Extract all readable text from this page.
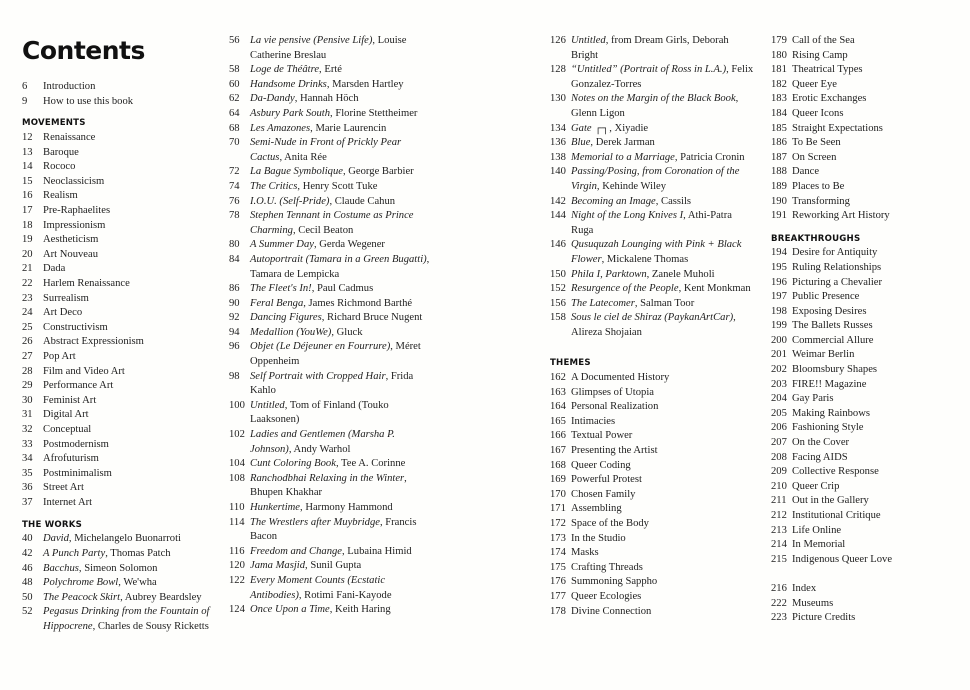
Contents
6	Introduction
9	How to use this book
MOVEMENTS
12 Renaissance
13 Baroque
14 Rococo
15 Neoclassicism
16 Realism
17 Pre-Raphaelites
18 Impressionism
19 Aestheticism
20 Art Nouveau
21 Dada
22 Harlem Renaissance
23 Surrealism
24 Art Deco
25 Constructivism
26 Abstract Expressionism
27 Pop Art
28 Film and Video Art
29 Performance Art
30 Feminist Art
31 Digital Art
32 Conceptual
33 Postmodernism
34 Afrofuturism
35 Postminimalism
36 Street Art
37 Internet Art
THE WORKS
40 David, Michelangelo Buonarroti
42 A Punch Party, Thomas Patch
46 Bacchus, Simeon Solomon
48 Polychrome Bowl, We'wha
50 The Peacock Skirt, Aubrey Beardsley
52 Pegasus Drinking from the Fountain of Hippocrene, Charles de Sousy Ricketts
56 La vie pensive (Pensive Life), Louise Catherine Breslau
58 Loge de Théâtre, Erté
60 Handsome Drinks, Marsden Hartley
62 Da-Dandy, Hannah Höch
64 Asbury Park South, Florine Stettheimer
68 Les Amazones, Marie Laurencin
70 Semi-Nude in Front of Prickly Pear Cactus, Anita Rée
72 La Bague Symbolique, George Barbier
74 The Critics, Henry Scott Tuke
76 I.O.U. (Self-Pride), Claude Cahun
78 Stephen Tennant in Costume as Prince Charming, Cecil Beaton
80 A Summer Day, Gerda Wegener
84 Autoportrait (Tamara in a Green Bugatti), Tamara de Lempicka
86 The Fleet's In!, Paul Cadmus
90 Feral Benga, James Richmond Barthé
92 Dancing Figures, Richard Bruce Nugent
94 Medallion (YouWe), Gluck
96 Objet (Le Déjeuner en Fourrure), Méret Oppenheim
98 Self Portrait with Cropped Hair, Frida Kahlo
100 Untitled, Tom of Finland (Touko Laaksonen)
102 Ladies and Gentlemen (Marsha P. Johnson), Andy Warhol
104 Cunt Coloring Book, Tee A. Corinne
108 Ranchodbhai Relaxing in the Winter, Bhupen Khakhar
110 Hunkertime, Harmony Hammond
114 The Wrestlers after Muybridge, Francis Bacon
116 Freedom and Change, Lubaina Himid
120 Jama Masjid, Sunil Gupta
122 Every Moment Counts (Ecstatic Antibodies), Rotimi Fani-Kayode
124 Once Upon a Time, Keith Haring
126 Untitled, from Dream Girls, Deborah Bright
128 “Untitled” (Portrait of Ross in L.A.), Felix Gonzalez-Torres
130 Notes on the Margin of the Black Book, Glenn Ligon
134 Gate ┌┐, Xiyadie
136 Blue, Derek Jarman
138 Memorial to a Marriage, Patricia Cronin
140 Passing/Posing, from Coronation of the Virgin, Kehinde Wiley
142 Becoming an Image, Cassils
144 Night of the Long Knives I, Athi-Patra Ruga
146 Qusuquzah Lounging with Pink + Black Flower, Mickalene Thomas
150 Phila I, Parktown, Zanele Muholi
152 Resurgence of the People, Kent Monkman
156 The Latecomer, Salman Toor
158 Sous le ciel de Shiraz (PaykanArtCar), Alireza Shojaian
THEMES
162 A Documented History
163 Glimpses of Utopia
164 Personal Realization
165 Intimacies
166 Textual Power
167 Presenting the Artist
168 Queer Coding
169 Powerful Protest
170 Chosen Family
171 Assembling
172 Space of the Body
173 In the Studio
174 Masks
175 Crafting Threads
176 Summoning Sappho
177 Queer Ecologies
178 Divine Connection
179 Call of the Sea
180 Rising Camp
181 Theatrical Types
182 Queer Eye
183 Erotic Exchanges
184 Queer Icons
185 Straight Expectations
186 To Be Seen
187 On Screen
188 Dance
189 Places to Be
190 Transforming
191 Reworking Art History
BREAKTHROUGHS
194 Desire for Antiquity
195 Ruling Relationships
196 Picturing a Chevalier
197 Public Presence
198 Exposing Desires
199 The Ballets Russes
200 Commercial Allure
201 Weimar Berlin
202 Bloomsbury Shapes
203 FIRE!! Magazine
204 Gay Paris
205 Making Rainbows
206 Fashioning Style
207 On the Cover
208 Facing AIDS
209 Collective Response
210 Queer Crip
211 Out in the Gallery
212 Institutional Critique
213 Life Online
214 In Memorial
215 Indigenous Queer Love
216 Index
222 Museums
223 Picture Credits
